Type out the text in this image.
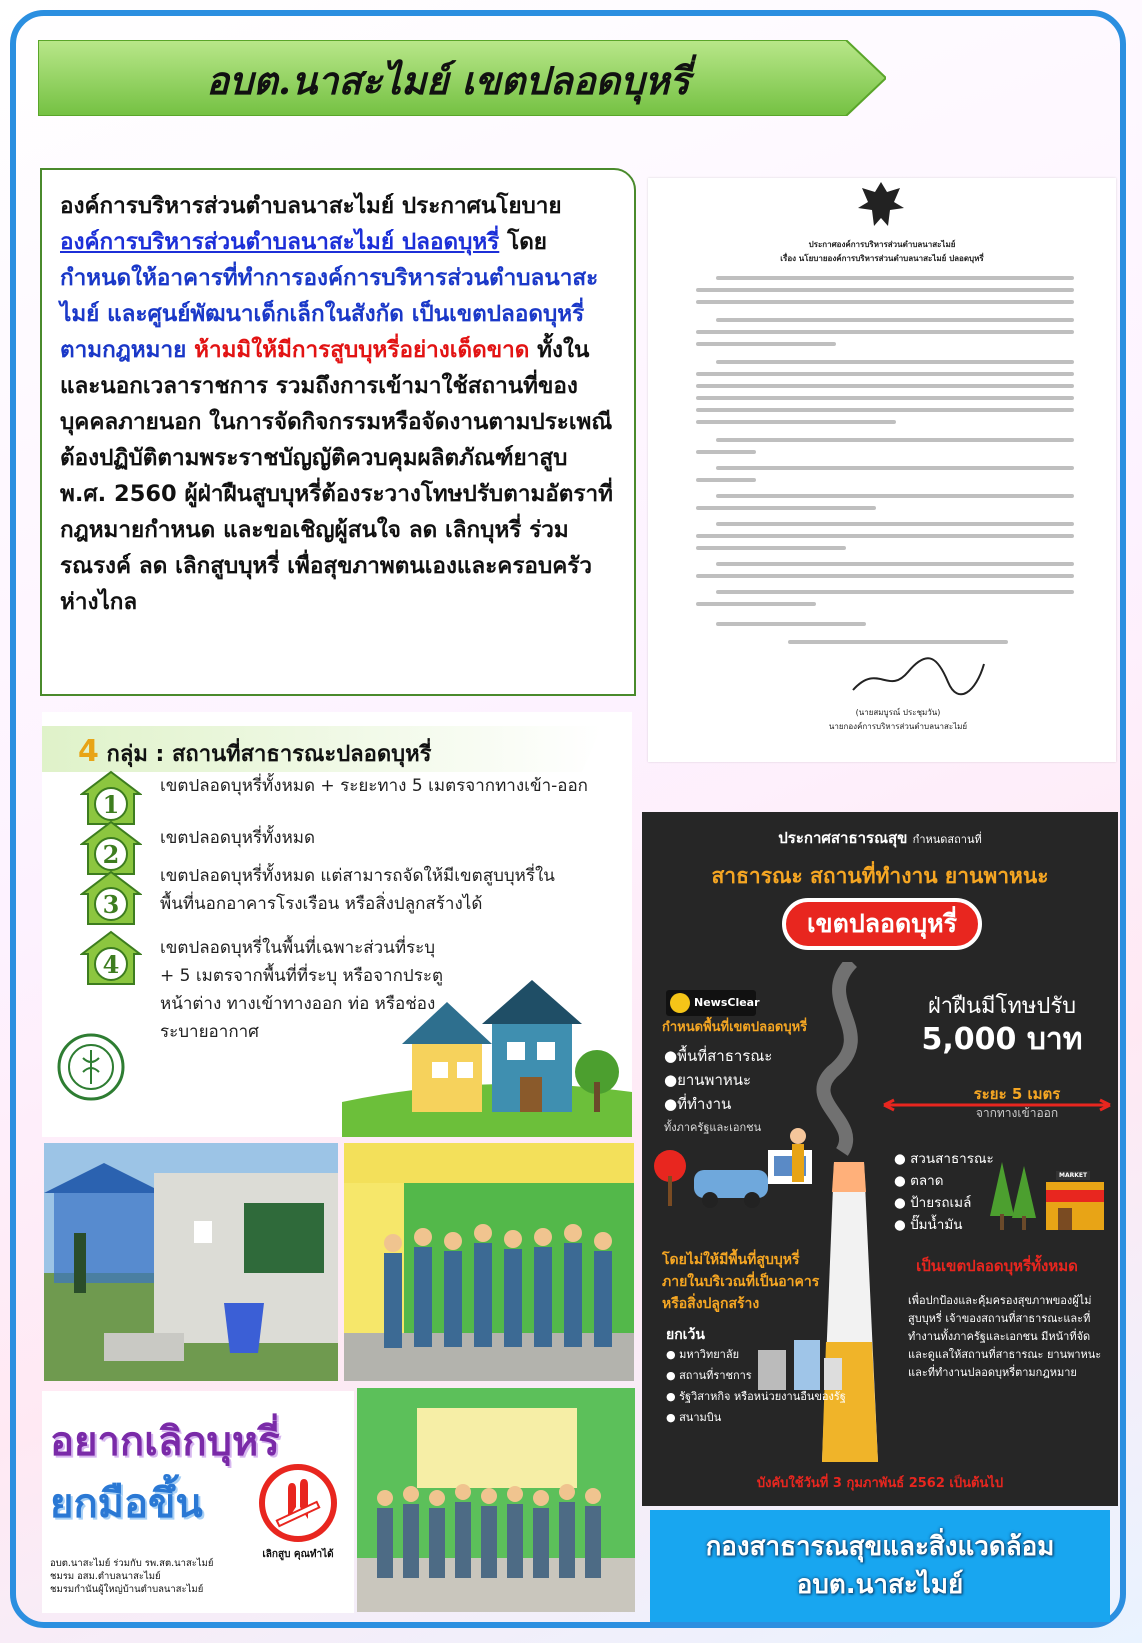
อบต.นาสะไมย์ เขตปลอดบุหรี่
องค์การบริหารส่วนตำบลนาสะไมย์ ประกาศนโยบาย องค์การบริหารส่วนตำบลนาสะไมย์ ปลอดบุหรี่ โดยกำหนดให้อาคารที่ทำการองค์การบริหารส่วนตำบลนาสะไมย์ และศูนย์พัฒนาเด็กเล็กในสังกัด เป็นเขตปลอดบุหรี่ตามกฎหมาย ห้ามมิให้มีการสูบบุหรี่อย่างเด็ดขาด ทั้งในและนอกเวลาราชการ รวมถึงการเข้ามาใช้สถานที่ของบุคคลภายนอก ในการจัดกิจกรรมหรือจัดงานตามประเพณี ต้องปฏิบัติตามพระราชบัญญัติควบคุมผลิตภัณฑ์ยาสูบ พ.ศ. 2560 ผู้ฝ่าฝืนสูบบุหรี่ต้องระวางโทษปรับตามอัตราที่กฎหมายกำหนด และขอเชิญผู้สนใจ ลด เลิกบุหรี่ ร่วมรณรงค์ ลด เลิกสูบบุหรี่ เพื่อสุขภาพตนเองและครอบครัวห่างไกล
ประกาศองค์การบริหารส่วนตำบลนาสะไมย์
เรื่อง นโยบายองค์การบริหารส่วนตำบลนาสะไมย์ ปลอดบุหรี่
(นายสมบูรณ์ ประชุมวัน)
นายกองค์การบริหารส่วนตำบลนาสะไมย์
4 กลุ่ม : สถานที่สาธารณะปลอดบุหรี่
1
เขตปลอดบุหรี่ทั้งหมด + ระยะทาง 5 เมตรจากทางเข้า-ออก
2
เขตปลอดบุหรี่ทั้งหมด
3
เขตปลอดบุหรี่ทั้งหมด แต่สามารถจัดให้มีเขตสูบบุหรี่ในพื้นที่นอกอาคารโรงเรือน หรือสิ่งปลูกสร้างได้
4
เขตปลอดบุหรี่ในพื้นที่เฉพาะส่วนที่ระบุ + 5 เมตรจากพื้นที่ที่ระบุ หรือจากประตูหน้าต่าง ทางเข้าทางออก ท่อ หรือช่องระบายอากาศ
ประกาศสาธารณสุข กำหนดสถานที่
สาธารณะ สถานที่ทำงาน ยานพาหนะ
เขตปลอดบุหรี่
NewsClear	ฝ่าฝืนมีโทษปรับ
5,000 บาท
กำหนดพื้นที่เขตปลอดบุหรี่
●พื้นที่สาธารณะ
●ยานพาหนะ
●ที่ทำงาน
ทั้งภาครัฐและเอกชน
ระยะ 5 เมตร
จากทางเข้าออก
● สวนสาธารณะ
● ตลาด
● ป้ายรถเมล์
● ปั๊มน้ำมัน
MARKET
เป็นเขตปลอดบุหรี่ทั้งหมด
โดยไม่ให้มีพื้นที่สูบบุหรี่ภายในบริเวณที่เป็นอาคารหรือสิ่งปลูกสร้าง
ยกเว้น
● มหาวิทยาลัย
● สถานที่ราชการ
● รัฐวิสาหกิจ หรือหน่วยงานอื่นของรัฐ
● สนามบิน
เพื่อปกป้องและคุ้มครองสุขภาพของผู้ไม่สูบบุหรี่ เจ้าของสถานที่สาธารณะและที่ทำงานทั้งภาครัฐและเอกชน มีหน้าที่จัดและดูแลให้สถานที่สาธารณะ ยานพาหนะ และที่ทำงานปลอดบุหรี่ตามกฎหมาย
บังคับใช้วันที่ 3 กุมภาพันธ์ 2562 เป็นต้นไป
อยากเลิกบุหรี่
ยกมือขึ้น
เลิกสูบ คุณทำได้
อบต.นาสะไมย์ ร่วมกับ รพ.สต.นาสะไมย์
ชมรม อสม.ตำบลนาสะไมย์
ชมรมกำนันผู้ใหญ่บ้านตำบลนาสะไมย์
กองสาธารณสุขและสิ่งแวดล้อม
อบต.นาสะไมย์
